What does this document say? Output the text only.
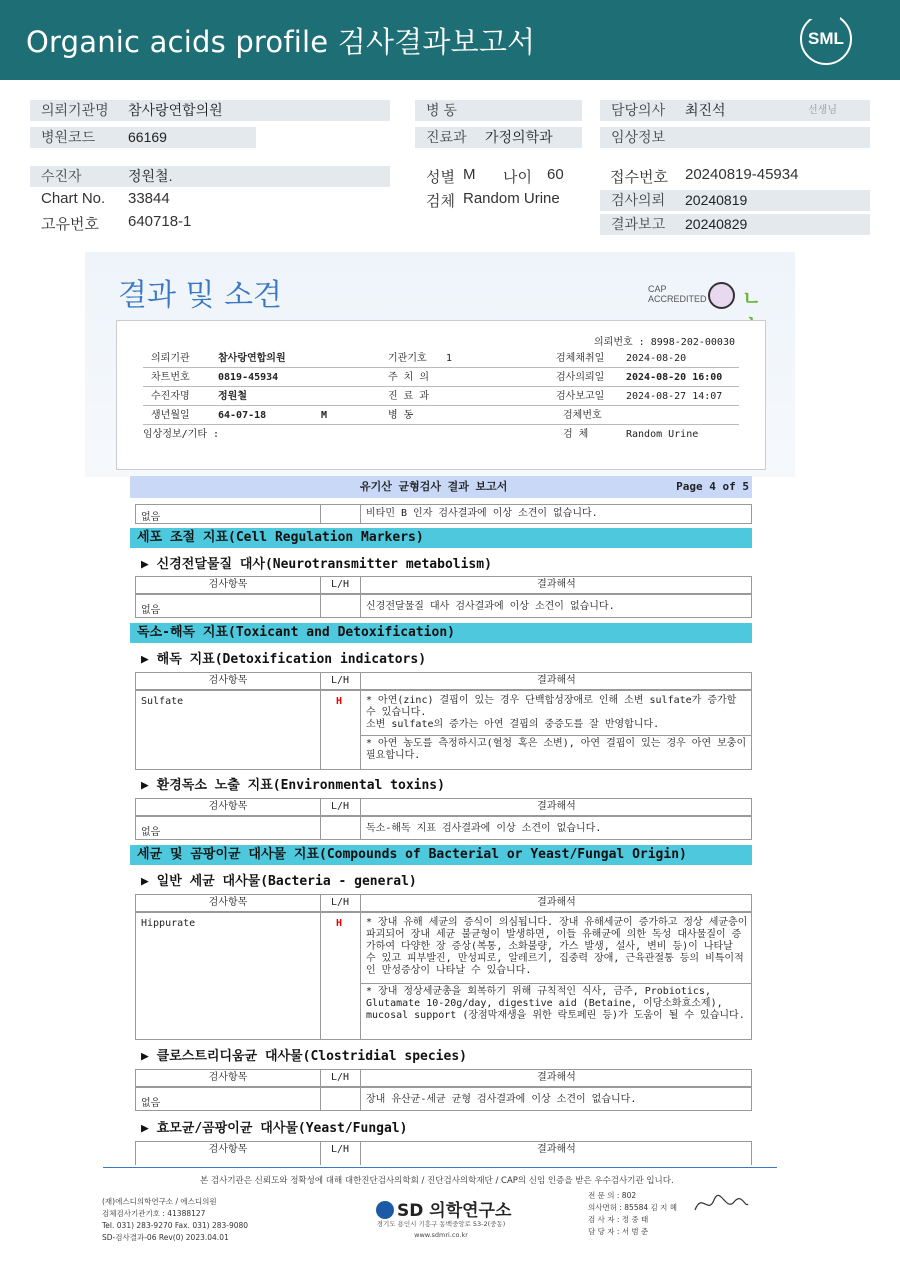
Organic acids profile 검사결과보고서	SML
의뢰기관명 참사랑연합의원	병 동	담당의사 최진석	선생님
병원코드 66169	진료과 가정의학과	임상정보
수진자	정원철.	성별 M 나이 60	접수번호 20240819-45934
Chart No. 33844	검체 Random Urine	검사의뢰 20240819
고유번호 640718-1	결과보고 20240829
결과 및 소견	CAP ACCREDITED ㄴ
의뢰번호 : 8998-202-00030
의뢰기관	참사랑연합의원	기관기호 1	검체채취일 2024-08-20
차트번호	0819-45934	주 치 의	검사의뢰일 2024-08-20 16:00
수진자명	정원철	진 료 과	검사보고일 2024-08-27 14:07
생년월일	64-07-18	M	병 동	검체번호
임상정보/기타 :	검 체	Random Urine
유기산 균형검사 결과 보고서	Page 4 of 5
없음	비타민 B 인자 검사결과에 이상 소견이 없습니다.
세포 조절 지표(Cell Regulation Markers)
▶ 신경전달물질 대사(Neurotransmitter metabolism)
검사항목	L/H	결과해석
없음	신경전달물질 대사 검사결과에 이상 소견이 없습니다.
독소-해독 지표(Toxicant and Detoxification)
▶ 해독 지표(Detoxification indicators)
검사항목	L/H	결과해석
Sulfate	H * 아연(zinc) 결핍이 있는 경우 단백합성장애로 인해 소변 sulfate가 증가할 수 있습니다.
소변 sulfate의 증가는 아연 결핍의 중증도를 잘 반영합니다.
* 아연 농도를 측정하시고(혈청 혹은 소변), 아연 결핍이 있는 경우 아연 보충이 필요합니다.
▶ 환경독소 노출 지표(Environmental toxins)
검사항목	L/H	결과해석
없음	독소-해독 지표 검사결과에 이상 소견이 없습니다.
세균 및 곰팡이균 대사물 지표(Compounds of Bacterial or Yeast/Fungal Origin)
▶ 일반 세균 대사물(Bacteria - general)
검사항목	L/H	결과해석
Hippurate	H * 장내 유해 세균의 증식이 의심됩니다. 장내 유해세균이 증가하고 정상 세균층이 파괴되어 장내 세균 불균형이 발생하면, 이들 유해균에 의한 독성 대사물질이 증가하여 다양한 장 증상(복통, 소화불량, 가스 발생, 설사, 변비 등)이 나타날 수 있고 피부발진, 만성피로, 알레르기, 집중력 장애, 근육관절통 등의 비특이적인 만성증상이 나타날 수 있습니다.
* 장내 정상세균총을 회복하기 위해 규칙적인 식사, 금주, Probiotics, Glutamate 10-20g/day, digestive aid (Betaine, 이당소화효소제), mucosal support (장점막재생을 위한 락토페린 등)가 도움이 될 수 있습니다.
▶ 클로스트리디움균 대사물(Clostridial species)
검사항목	L/H	결과해석
없음	장내 유산균-세균 균형 검사결과에 이상 소견이 없습니다.
▶ 효모균/곰팡이균 대사물(Yeast/Fungal)
검사항목	L/H	결과해석
본 검사기관은 신뢰도와 정확성에 대해 대한진단검사의학회 / 진단검사의학재단 / CAP의 신임 인증을 받은 우수검사기관 입니다.
(재)에스디의학연구소 / 에스디의원
검체검사기관기호 : 41388127
Tel. 031) 283-9270 Fax. 031) 283-9080
SD-검사결과-06 Rev(0) 2023.04.01
SD 의학연구소
경기도 용인시 기흥구 동백중앙로 53-2(중동)
www.sdmri.co.kr
전 문 의 : 802
의사면허 : 85584 김 지 혜
검 사 자 : 정 중 태
담 당 자 : 서 범 준
